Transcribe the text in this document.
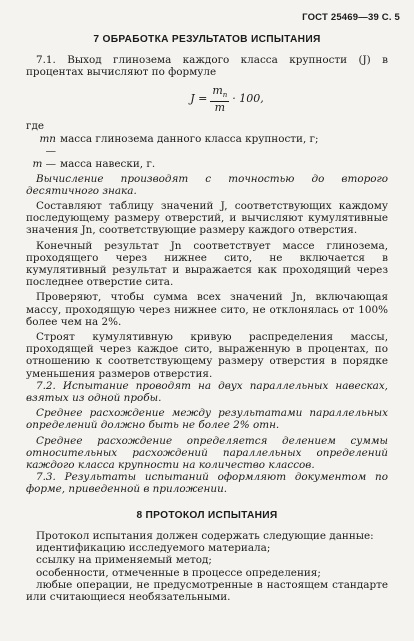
ГОСТ 25469—39 С. 5
7 ОБРАБОТКА РЕЗУЛЬТАТОВ ИСПЫТАНИЯ

7.1. Выход глинозема каждого класса крупности (J) в процентах вычисляют по формуле

$J = \frac{m_n}{m} \cdot 100$,
где
mn —
масса глинозема данного класса крупности, г;
m — масса навески, г.

Вычисление производят с точностью до второго десятичного знака.

Составляют таблицу значений J, соответствующих каждому последующему размеру отверстий, и вычисляют кумулятивные значения Jn, соответствующие размеру каждого отверстия.

Конечный результат Jn соответствует массе глинозема, проходящего через нижнее сито, не включается в кумулятивный результат и выражается как проходящий через последнее отверстие сита.

Проверяют, чтобы сумма всех значений Jn, включающая массу, проходящую через нижнее сито, не отклонялась от 100% более чем на 2%.

Строят кумулятивную кривую распределения массы, проходящей через каждое сито, выраженную в процентах, по отношению к соответствующему размеру отверстия в порядке уменьшения размеров отверстия.

7.2. Испытание проводят на двух параллельных навесках, взятых из одной пробы.

Среднее расхождение между результатами параллельных определений должно быть не более 2% отн.

Среднее расхождение определяется делением суммы относительных расхождений параллельных определений каждого класса крупности на количество классов.

7.3. Результаты испытаний оформляют документом по форме, приведенной в приложении.

8 ПРОТОКОЛ ИСПЫТАНИЯ

Протокол испытания должен содержать следующие данные:

идентификацию исследуемого материала;

ссылку на применяемый метод;

особенности, отмеченные в процессе определения;

любые операции, не предусмотренные в настоящем стандарте или считающиеся необязательными.
